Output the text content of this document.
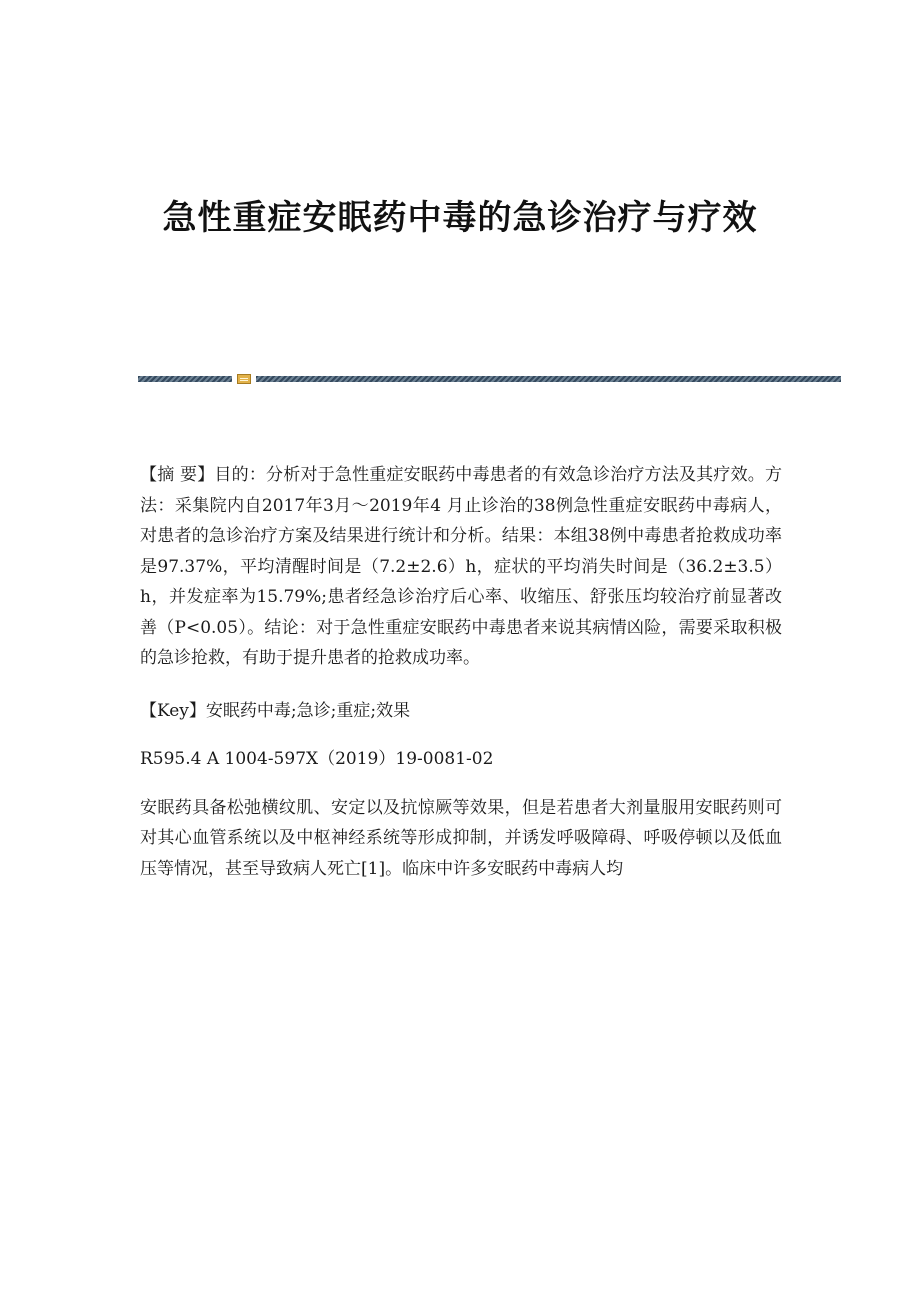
急性重症安眠药中毒的急诊治疗与疗效

【摘 要】目的：分析对于急性重症安眠药中毒患者的有效急诊治疗方法及其疗效。方法：采集院内自2017年3月～2019年4 月止诊治的38例急性重症安眠药中毒病人，对患者的急诊治疗方案及结果进行统计和分析。结果：本组38例中毒患者抢救成功率是97.37%，平均清醒时间是（7.2±2.6）h，症状的平均消失时间是（36.2±3.5）h，并发症率为15.79%;患者经急诊治疗后心率、收缩压、舒张压均较治疗前显著改善（P<0.05）。结论：对于急性重症安眠药中毒患者来说其病情凶险，需要采取积极的急诊抢救，有助于提升患者的抢救成功率。

【Key】安眠药中毒;急诊;重症;效果

R595.4 A 1004-597X（2019）19-0081-02

安眠药具备松弛横纹肌、安定以及抗惊厥等效果，但是若患者大剂量服用安眠药则可对其心血管系统以及中枢神经系统等形成抑制，并诱发呼吸障碍、呼吸停顿以及低血压等情况，甚至导致病人死亡[1]。临床中许多安眠药中毒病人均
